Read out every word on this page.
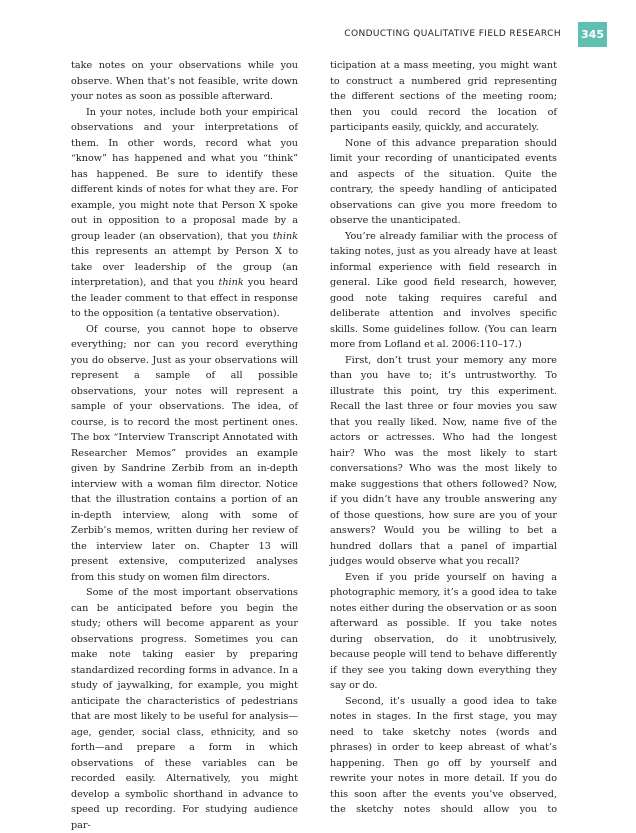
CONDUCTING QUALITATIVE FIELD RESEARCH 345

take notes on your observations while you observe. When that’s not feasible, write down your notes as soon as possible afterward.

In your notes, include both your empirical observations and your interpretations of them. In other words, record what you “know” has happened and what you “think” has happened. Be sure to identify these different kinds of notes for what they are. For example, you might note that Person X spoke out in opposition to a proposal made by a group leader (an observation), that you think this represents an attempt by Person X to take over leadership of the group (an interpretation), and that you think you heard the leader comment to that effect in response to the opposition (a tentative observation).

Of course, you cannot hope to observe everything; nor can you record everything you do observe. Just as your observations will represent a sample of all possible observations, your notes will represent a sample of your observations. The idea, of course, is to record the most pertinent ones. The box “Interview Transcript Annotated with Researcher Memos” provides an example given by Sandrine Zerbib from an in-depth interview with a woman film director. Notice that the illustration contains a portion of an in-depth interview, along with some of Zerbib’s memos, written during her review of the interview later on. Chapter 13 will present extensive, computerized analyses from this study on women film directors.

Some of the most important observations can be anticipated before you begin the study; others will become apparent as your observations progress. Sometimes you can make note taking easier by preparing standardized recording forms in advance. In a study of jaywalking, for example, you might anticipate the characteristics of pedestrians that are most likely to be useful for analysis—age, gender, social class, ethnicity, and so forth—and prepare a form in which observations of these variables can be recorded easily. Alternatively, you might develop a symbolic shorthand in advance to speed up recording. For studying audience par-

ticipation at a mass meeting, you might want to construct a numbered grid representing the different sections of the meeting room; then you could record the location of participants easily, quickly, and accurately.

None of this advance preparation should limit your recording of unanticipated events and aspects of the situation. Quite the contrary, the speedy handling of anticipated observations can give you more freedom to observe the unanticipated.

You’re already familiar with the process of taking notes, just as you already have at least informal experience with field research in general. Like good field research, however, good note taking requires careful and deliberate attention and involves specific skills. Some guidelines follow. (You can learn more from Lofland et al. 2006:110–17.)

First, don’t trust your memory any more than you have to; it’s untrustworthy. To illustrate this point, try this experiment. Recall the last three or four movies you saw that you really liked. Now, name five of the actors or actresses. Who had the longest hair? Who was the most likely to start conversations? Who was the most likely to make suggestions that others followed? Now, if you didn’t have any trouble answering any of those questions, how sure are you of your answers? Would you be willing to bet a hundred dollars that a panel of impartial judges would observe what you recall?

Even if you pride yourself on having a photographic memory, it’s a good idea to take notes either during the observation or as soon afterward as possible. If you take notes during observation, do it unobtrusively, because people will tend to behave differently if they see you taking down everything they say or do.

Second, it’s usually a good idea to take notes in stages. In the first stage, you may need to take sketchy notes (words and phrases) in order to keep abreast of what’s happening. Then go off by yourself and rewrite your notes in more detail. If you do this soon after the events you’ve observed, the sketchy notes should allow you to
